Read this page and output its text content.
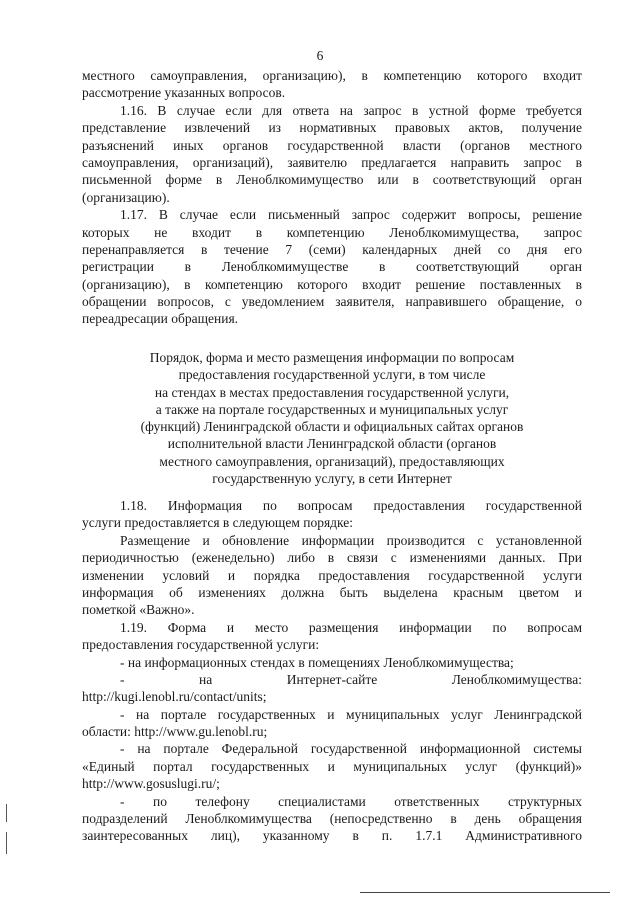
6
местного самоуправления, организацию), в компетенцию которого входит
рассмотрение указанных вопросов.
1.16. В случае если для ответа на запрос в устной форме требуется
представление извлечений из нормативных правовых актов, получение
разъяснений иных органов государственной власти (органов местного
самоуправления, организаций), заявителю предлагается направить запрос в
письменной форме в Леноблкомимущество или в соответствующий орган
(организацию).
1.17. В случае если письменный запрос содержит вопросы, решение
которых не входит в компетенцию Леноблкомимущества, запрос
перенаправляется в течение 7 (семи) календарных дней со дня его
регистрации в Леноблкомимуществе в соответствующий орган
(организацию), в компетенцию которого входит решение поставленных в
обращении вопросов, с уведомлением заявителя, направившего обращение, о
переадресации обращения.
Порядок, форма и место размещения информации по вопросам
предоставления государственной услуги, в том числе
на стендах в местах предоставления государственной услуги,
а также на портале государственных и муниципальных услуг
(функций) Ленинградской области и официальных сайтах органов
исполнительной власти Ленинградской области (органов
местного самоуправления, организаций), предоставляющих
государственную услугу, в сети Интернет
1.18. Информация по вопросам предоставления государственной
услуги предоставляется в следующем порядке:
Размещение и обновление информации производится с установленной
периодичностью (еженедельно) либо в связи с изменениями данных. При
изменении условий и порядка предоставления государственной услуги
информация об изменениях должна быть выделена красным цветом и
пометкой «Важно».
1.19. Форма и место размещения информации по вопросам
предоставления государственной услуги:
- на информационных стендах в помещениях Леноблкомимущества;
- на Интернет-сайте Леноблкомимущества:
http://kugi.lenobl.ru/contact/units;
- на портале государственных и муниципальных услуг Ленинградской
области: http://www.gu.lenobl.ru;
- на портале Федеральной государственной информационной системы
«Единый портал государственных и муниципальных услуг (функций)»
http://www.gosuslugi.ru/;
- по телефону специалистами ответственных структурных
подразделений Леноблкомимущества (непосредственно в день обращения
заинтересованных лиц), указанному в п. 1.7.1 Административного
